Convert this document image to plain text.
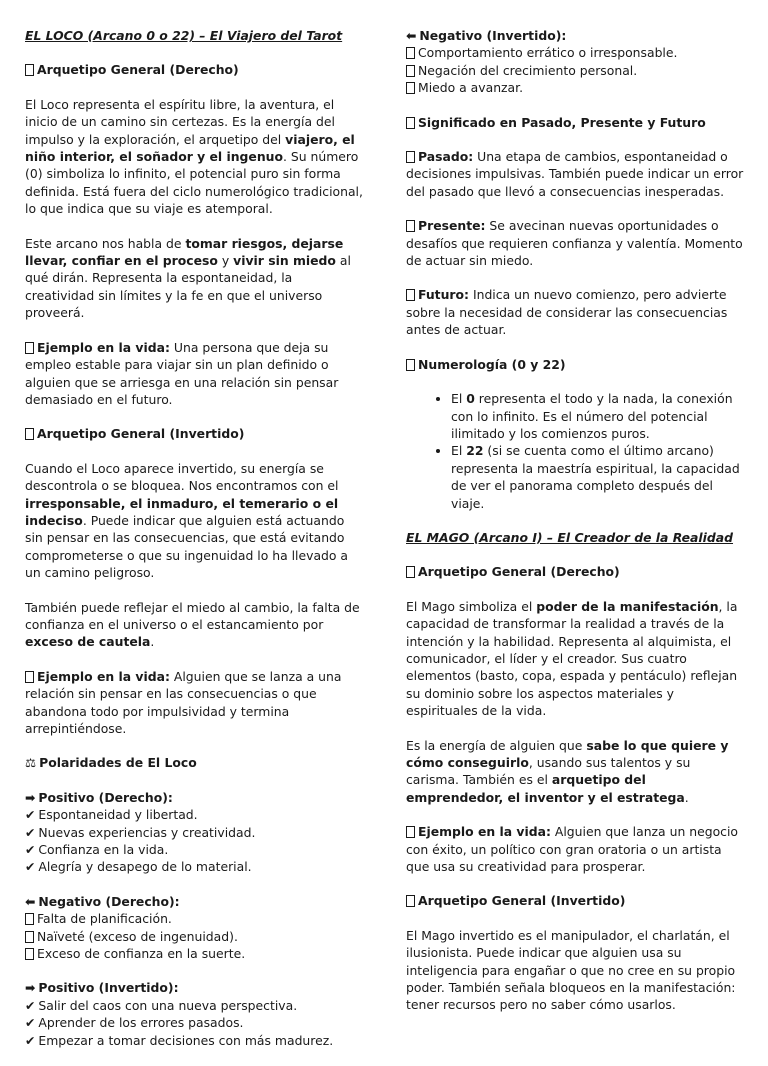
EL LOCO (Arcano 0 o 22) – El Viajero del Tarot

Arquetipo General (Derecho)

El Loco representa el espíritu libre, la aventura, el inicio de un camino sin certezas. Es la energía del impulso y la exploración, el arquetipo del viajero, el niño interior, el soñador y el ingenuo. Su número (0) simboliza lo infinito, el potencial puro sin forma definida. Está fuera del ciclo numerológico tradicional, lo que indica que su viaje es atemporal.

Este arcano nos habla de tomar riesgos, dejarse llevar, confiar en el proceso y vivir sin miedo al qué dirán. Representa la espontaneidad, la creatividad sin límites y la fe en que el universo proveerá.

Ejemplo en la vida: Una persona que deja su empleo estable para viajar sin un plan definido o alguien que se arriesga en una relación sin pensar demasiado en el futuro.

Arquetipo General (Invertido)

Cuando el Loco aparece invertido, su energía se descontrola o se bloquea. Nos encontramos con el irresponsable, el inmaduro, el temerario o el indeciso. Puede indicar que alguien está actuando sin pensar en las consecuencias, que está evitando comprometerse o que su ingenuidad lo ha llevado a un camino peligroso.

También puede reflejar el miedo al cambio, la falta de confianza en el universo o el estancamiento por exceso de cautela.

Ejemplo en la vida: Alguien que se lanza a una relación sin pensar en las consecuencias o que abandona todo por impulsividad y termina arrepintiéndose.

⚖ Polaridades de El Loco

➡ Positivo (Derecho):
✔ Espontaneidad y libertad.
✔ Nuevas experiencias y creatividad.
✔ Confianza en la vida.
✔ Alegría y desapego de lo material.
⬅ Negativo (Derecho):
Falta de planificación.
Naïveté (exceso de ingenuidad).
Exceso de confianza en la suerte.
➡ Positivo (Invertido):
✔ Salir del caos con una nueva perspectiva.
✔ Aprender de los errores pasados.
✔ Empezar a tomar decisiones con más madurez.
⬅ Negativo (Invertido):
Comportamiento errático o irresponsable.
Negación del crecimiento personal.
Miedo a avanzar.

Significado en Pasado, Presente y Futuro

Pasado: Una etapa de cambios, espontaneidad o decisiones impulsivas. También puede indicar un error del pasado que llevó a consecuencias inesperadas.

Presente: Se avecinan nuevas oportunidades o desafíos que requieren confianza y valentía. Momento de actuar sin miedo.

Futuro: Indica un nuevo comienzo, pero advierte sobre la necesidad de considerar las consecuencias antes de actuar.

Numerología (0 y 22)

• El 0 representa el todo y la nada, la conexión con lo infinito. Es el número del potencial ilimitado y los comienzos puros.
• El 22 (si se cuenta como el último arcano) representa la maestría espiritual, la capacidad de ver el panorama completo después del viaje.

EL MAGO (Arcano I) – El Creador de la Realidad

Arquetipo General (Derecho)

El Mago simboliza el poder de la manifestación, la capacidad de transformar la realidad a través de la intención y la habilidad. Representa al alquimista, el comunicador, el líder y el creador. Sus cuatro elementos (basto, copa, espada y pentáculo) reflejan su dominio sobre los aspectos materiales y espirituales de la vida.

Es la energía de alguien que sabe lo que quiere y cómo conseguirlo, usando sus talentos y su carisma. También es el arquetipo del emprendedor, el inventor y el estratega.

Ejemplo en la vida: Alguien que lanza un negocio con éxito, un político con gran oratoria o un artista que usa su creatividad para prosperar.

Arquetipo General (Invertido)

El Mago invertido es el manipulador, el charlatán, el ilusionista. Puede indicar que alguien usa su inteligencia para engañar o que no cree en su propio poder. También señala bloqueos en la manifestación: tener recursos pero no saber cómo usarlos.
